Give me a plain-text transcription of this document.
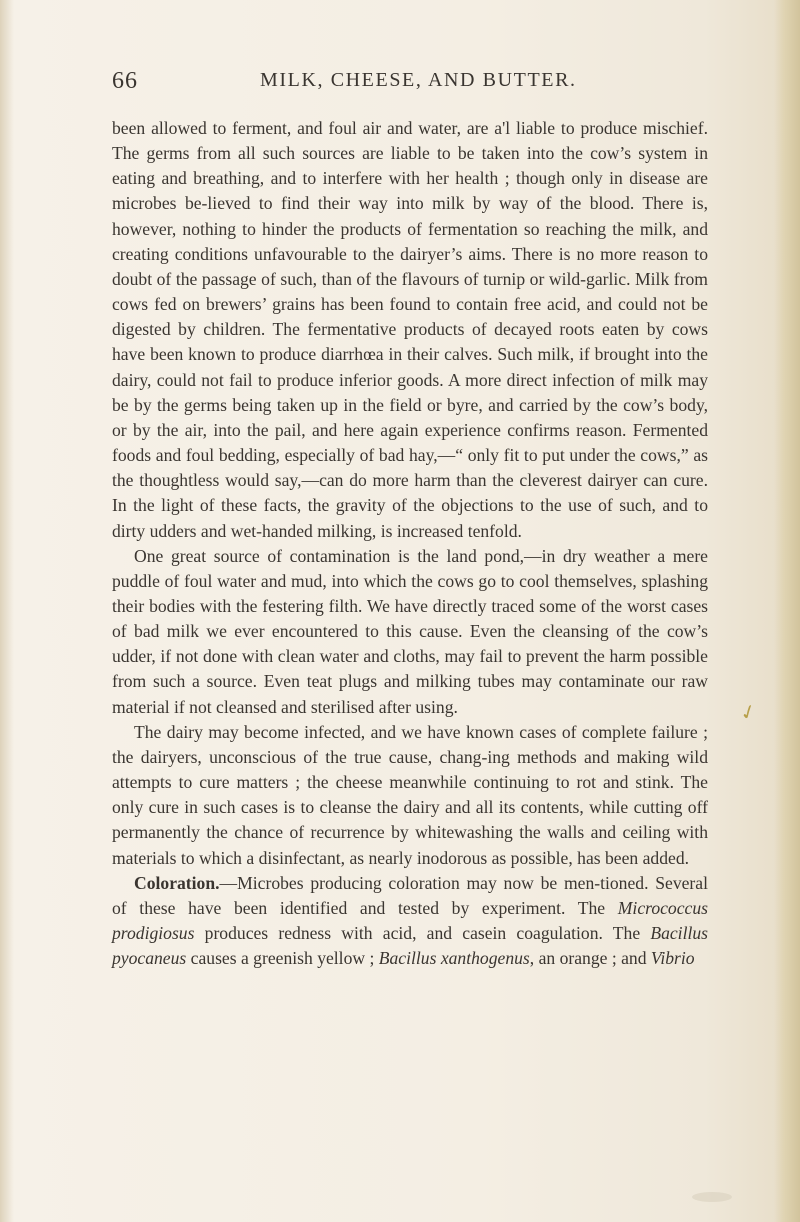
66	MILK, CHEESE, AND BUTTER.

been allowed to ferment, and foul air and water, are a'l liable to produce mischief. The germs from all such sources are liable to be taken into the cow’s system in eating and breathing, and to interfere with her health ; though only in disease are microbes be-lieved to find their way into milk by way of the blood. There is, however, nothing to hinder the products of fermentation so reaching the milk, and creating conditions unfavourable to the dairyer’s aims. There is no more reason to doubt of the passage of such, than of the flavours of turnip or wild-garlic. Milk from cows fed on brewers’ grains has been found to contain free acid, and could not be digested by children. The fermentative products of decayed roots eaten by cows have been known to produce diarrhœa in their calves. Such milk, if brought into the dairy, could not fail to produce inferior goods. A more direct infection of milk may be by the germs being taken up in the field or byre, and carried by the cow’s body, or by the air, into the pail, and here again experience confirms reason. Fermented foods and foul bedding, especially of bad hay,—“ only fit to put under the cows,” as the thoughtless would say,—can do more harm than the cleverest dairyer can cure. In the light of these facts, the gravity of the objections to the use of such, and to dirty udders and wet-handed milking, is increased tenfold.

One great source of contamination is the land pond,—in dry weather a mere puddle of foul water and mud, into which the cows go to cool themselves, splashing their bodies with the festering filth. We have directly traced some of the worst cases of bad milk we ever encountered to this cause. Even the cleansing of the cow’s udder, if not done with clean water and cloths, may fail to prevent the harm possible from such a source. Even teat plugs and milking tubes may contaminate our raw material if not cleansed and sterilised after using.

The dairy may become infected, and we have known cases of complete failure ; the dairyers, unconscious of the true cause, chang-ing methods and making wild attempts to cure matters ; the cheese meanwhile continuing to rot and stink. The only cure in such cases is to cleanse the dairy and all its contents, while cutting off permanently the chance of recurrence by whitewashing the walls and ceiling with materials to which a disinfectant, as nearly inodorous as possible, has been added.

Coloration.—Microbes producing coloration may now be men-tioned. Several of these have been identified and tested by experiment. The Micrococcus prodigiosus produces redness with acid, and casein coagulation. The Bacillus pyocaneus causes a greenish yellow ; Bacillus xanthogenus, an orange ; and Vibrio

✓
